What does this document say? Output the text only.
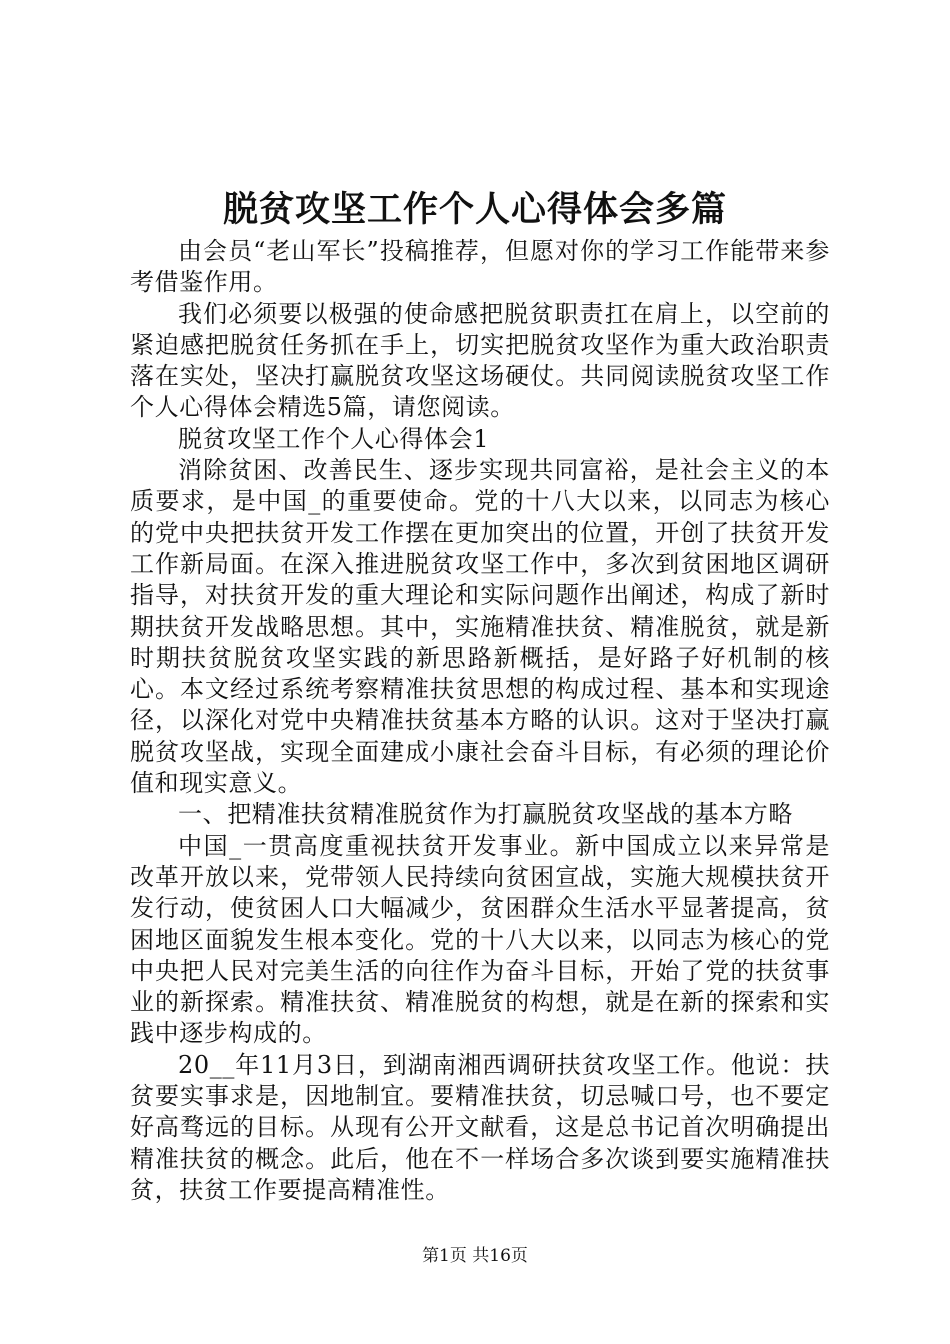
脱贫攻坚工作个人心得体会多篇

由会员“老山军长”投稿推荐，但愿对你的学习工作能带来参考借鉴作用。

我们必须要以极强的使命感把脱贫职责扛在肩上，以空前的紧迫感把脱贫任务抓在手上，切实把脱贫攻坚作为重大政治职责落在实处，坚决打赢脱贫攻坚这场硬仗。共同阅读脱贫攻坚工作个人心得体会精选5篇，请您阅读。

脱贫攻坚工作个人心得体会1

消除贫困、改善民生、逐步实现共同富裕，是社会主义的本质要求，是中国_的重要使命。党的十八大以来，以同志为核心的党中央把扶贫开发工作摆在更加突出的位置，开创了扶贫开发工作新局面。在深入推进脱贫攻坚工作中，多次到贫困地区调研指导，对扶贫开发的重大理论和实际问题作出阐述，构成了新时期扶贫开发战略思想。其中，实施精准扶贫、精准脱贫，就是新时期扶贫脱贫攻坚实践的新思路新概括，是好路子好机制的核心。本文经过系统考察精准扶贫思想的构成过程、基本和实现途径，以深化对党中央精准扶贫基本方略的认识。这对于坚决打赢脱贫攻坚战，实现全面建成小康社会奋斗目标，有必须的理论价值和现实意义。

一、把精准扶贫精准脱贫作为打赢脱贫攻坚战的基本方略

中国_一贯高度重视扶贫开发事业。新中国成立以来异常是改革开放以来，党带领人民持续向贫困宣战，实施大规模扶贫开发行动，使贫困人口大幅减少，贫困群众生活水平显著提高，贫困地区面貌发生根本变化。党的十八大以来，以同志为核心的党中央把人民对完美生活的向往作为奋斗目标，开始了党的扶贫事业的新探索。精准扶贫、精准脱贫的构想，就是在新的探索和实践中逐步构成的。

20__年11月3日，到湖南湘西调研扶贫攻坚工作。他说：扶贫要实事求是，因地制宜。要精准扶贫，切忌喊口号，也不要定好高骛远的目标。从现有公开文献看，这是总书记首次明确提出精准扶贫的概念。此后，他在不一样场合多次谈到要实施精准扶贫，扶贫工作要提高精准性。

第1页 共16页
